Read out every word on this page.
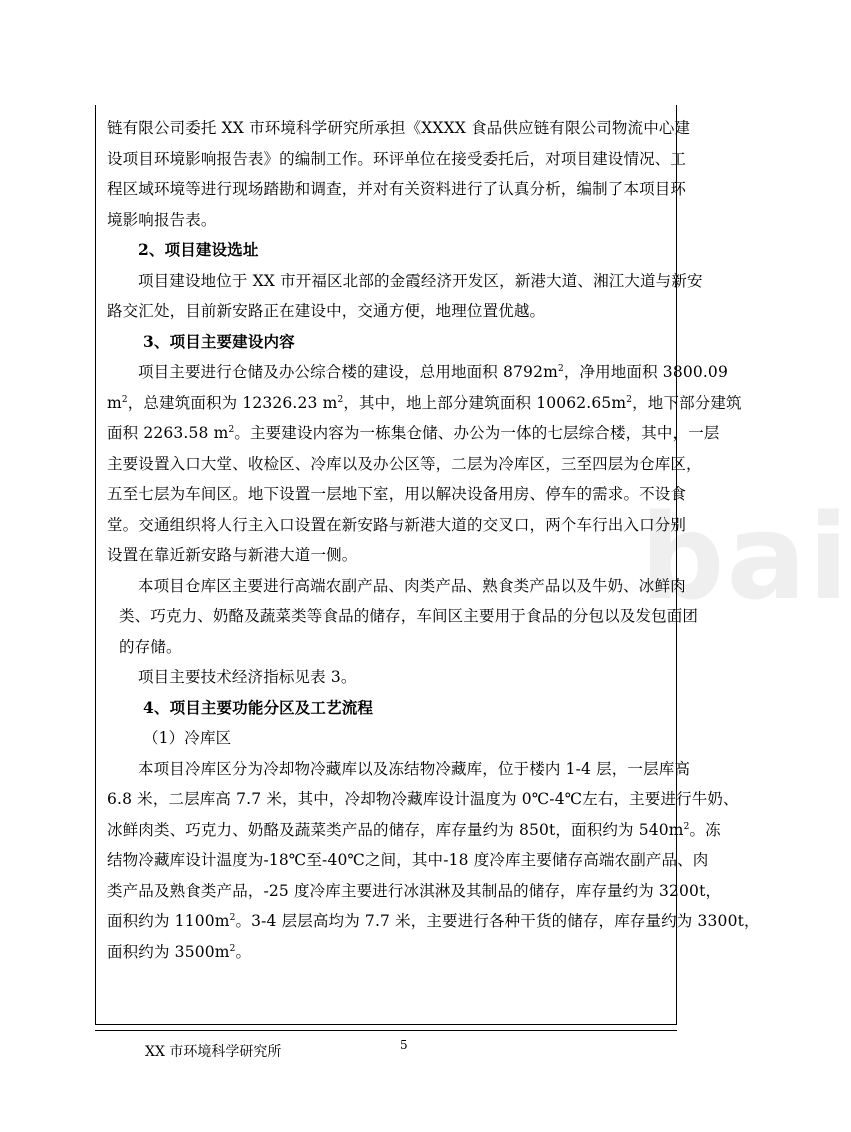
bai
链有限公司委托 XX 市环境科学研究所承担《XXXX 食品供应链有限公司物流中心建
设项目环境影响报告表》的编制工作。环评单位在接受委托后，对项目建设情况、工
程区域环境等进行现场踏勘和调查，并对有关资料进行了认真分析，编制了本项目环
境影响报告表。
2、项目建设选址
项目建设地位于 XX 市开福区北部的金霞经济开发区，新港大道、湘江大道与新安
路交汇处，目前新安路正在建设中，交通方便，地理位置优越。
3、项目主要建设内容
项目主要进行仓储及办公综合楼的建设，总用地面积 $8792m^2$，净用地面积 3800.09
$m^2$，总建筑面积为 12326.23 $m^2$，其中，地上部分建筑面积 $10062.65m^2$，地下部分建筑
面积 2263.58 $m^2$。主要建设内容为一栋集仓储、办公为一体的七层综合楼，其中，一层
主要设置入口大堂、收检区、冷库以及办公区等，二层为冷库区，三至四层为仓库区，
五至七层为车间区。地下设置一层地下室，用以解决设备用房、停车的需求。不设食
堂。交通组织将人行主入口设置在新安路与新港大道的交叉口，两个车行出入口分别
设置在靠近新安路与新港大道一侧。
本项目仓库区主要进行高端农副产品、肉类产品、熟食类产品以及牛奶、冰鲜肉
类、巧克力、奶酪及蔬菜类等食品的储存，车间区主要用于食品的分包以及发包面团
的存储。
项目主要技术经济指标见表 3。
4、项目主要功能分区及工艺流程
（1）冷库区
本项目冷库区分为冷却物冷藏库以及冻结物冷藏库，位于楼内 1-4 层，一层库高
6.8 米，二层库高 7.7 米，其中，冷却物冷藏库设计温度为 0℃-4℃左右，主要进行牛奶、
冰鲜肉类、巧克力、奶酪及蔬菜类产品的储存，库存量约为 850t，面积约为 $540m^2$。冻
结物冷藏库设计温度为-18℃至-40℃之间，其中-18 度冷库主要储存高端农副产品、肉
类产品及熟食类产品，-25 度冷库主要进行冰淇淋及其制品的储存，库存量约为 3200t，
面积约为 $1100m^2$。3-4 层层高均为 7.7 米，主要进行各种干货的储存，库存量约为 3300t，
面积约为 $3500m^2$。
XX 市环境科学研究所	5
